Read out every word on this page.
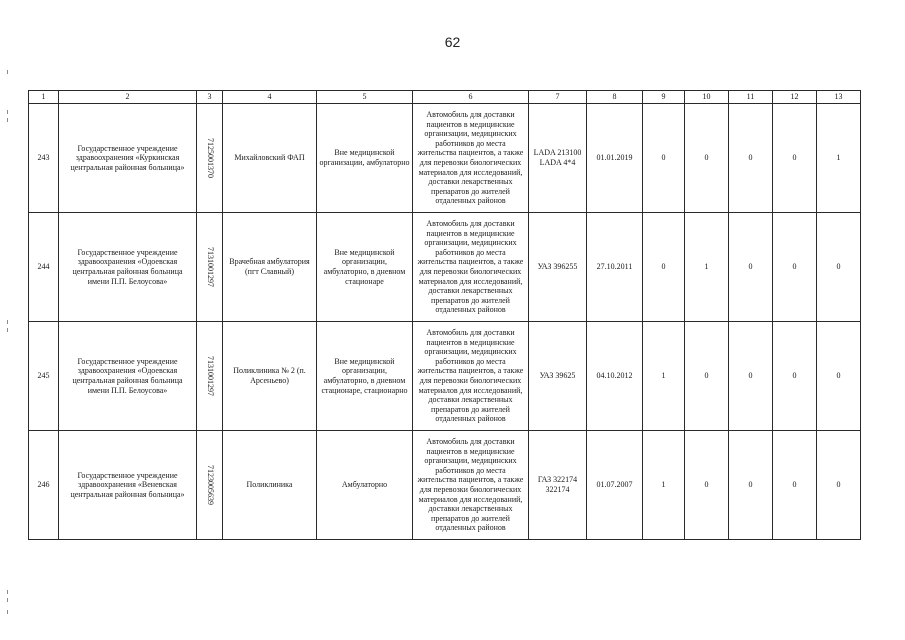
62
1	2	3	4	5	6	7	8	9	10	11	12	13
243	Государственное учреждение здравоохранения «Куркинская центральная районная больница»	7125001370	Михайловский ФАП	Вне медицинской организации, амбулаторно	Автомобиль для доставки пациентов в медицинские организации, медицинских работников до места жительства пациентов, а также для перевозки биологических материалов для исследований, доставки лекарственных препаратов до жителей отдаленных районов	LADA 213100 LADA 4*4	01.01.2019	0	0	0	0	1
244	Государственное учреждение здравоохранения «Одоевская центральная районная больница имени П.П. Белоусова»	7131001297	Врачебная амбулатория (пгт Славный)	Вне медицинской организации, амбулаторно, в дневном стационаре	Автомобиль для доставки пациентов в медицинские организации, медицинских работников до места жительства пациентов, а также для перевозки биологических материалов для исследований, доставки лекарственных препаратов до жителей отдаленных районов	УАЗ 396255	27.10.2011	0	1	0	0	0
245	Государственное учреждение здравоохранения «Одоевская центральная районная больница имени П.П. Белоусова»	7131001297	Поликлиника № 2 (п. Арсеньево)	Вне медицинской организации, амбулаторно, в дневном стационаре, стационарно	Автомобиль для доставки пациентов в медицинские организации, медицинских работников до места жительства пациентов, а также для перевозки биологических материалов для исследований, доставки лекарственных препаратов до жителей отдаленных районов	УАЗ 39625	04.10.2012	1	0	0	0	0
246	Государственное учреждение здравоохранения «Веневская центральная районная больница»	7123005639	Поликлиника	Амбулаторно	Автомобиль для доставки пациентов в медицинские организации, медицинских работников до места жительства пациентов, а также для перевозки биологических материалов для исследований, доставки лекарственных препаратов до жителей отдаленных районов	ГАЗ 322174 322174	01.07.2007	1	0	0	0	0
